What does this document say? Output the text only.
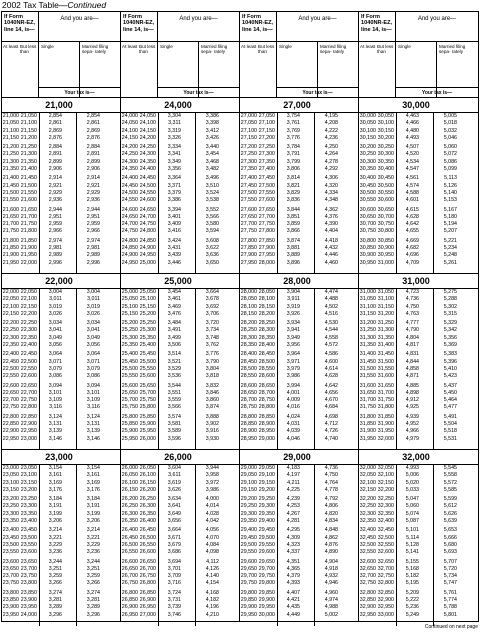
2002 Tax Table—Continued
If Form 1040NR-EZ, line 14, is—
At least But less than
And you are—
Single	Married filing sepa- rately
Your tax is—
21,000
21,000 21,050	2,854	2,854
21,050 21,100	2,861	2,861
21,100 21,150	2,869	2,869
21,150 21,200	2,876	2,876
21,200 21,250	2,884	2,884
21,250 21,300	2,891	2,891
21,300 21,350	2,899	2,899
21,350 21,400	2,906	2,906
21,400 21,450	2,914	2,914
21,450 21,500	2,921	2,921
21,500 21,550	2,929	2,929
21,550 21,600	2,936	2,936
21,600 21,650	2,944	2,944
21,650 21,700	2,951	2,951
21,700 21,750	2,959	2,959
21,750 21,800	2,966	2,966
21,800 21,850	2,974	2,974
21,850 21,900	2,981	2,981
21,900 21,950	2,989	2,989
21,950 22,000	2,996	2,996
22,000
22,000 22,050	3,004	3,004
22,050 22,100	3,011	3,011
22,100 22,150	3,019	3,019
22,150 22,200	3,026	3,026
22,200 22,250	3,034	3,034
22,250 22,300	3,041	3,041
22,300 22,350	3,049	3,049
22,350 22,400	3,056	3,056
22,400 22,450	3,064	3,064
22,450 22,500	3,071	3,071
22,500 22,550	3,079	3,079
22,550 22,600	3,086	3,086
22,600 22,650	3,094	3,094
22,650 22,700	3,101	3,101
22,700 22,750	3,109	3,109
22,750 22,800	3,116	3,116
22,800 22,850	3,124	3,124
22,850 22,900	3,131	3,131
22,900 22,950	3,139	3,139
22,950 23,000	3,146	3,146
23,000
23,000 23,050	3,154	3,154
23,050 23,100	3,161	3,161
23,100 23,150	3,169	3,169
23,150 23,200	3,176	3,176
23,200 23,250	3,184	3,184
23,250 23,300	3,191	3,191
23,300 23,350	3,199	3,199
23,350 23,400	3,206	3,206
23,400 23,450	3,214	3,214
23,450 23,500	3,221	3,221
23,500 23,550	3,229	3,229
23,550 23,600	3,236	3,236
23,600 23,650	3,244	3,244
23,650 23,700	3,251	3,251
23,700 23,750	3,259	3,259
23,750 23,800	3,266	3,266
23,800 23,850	3,274	3,274
23,850 23,900	3,281	3,281
23,900 23,950	3,289	3,289
23,950 24,000	3,296	3,296
If Form 1040NR-EZ, line 14, is—
At least But less than
And you are—
Single	Married filing sepa- rately
Your tax is—
24,000
24,000 24,050	3,304	3,386
24,050 24,100	3,311	3,398
24,100 24,150	3,319	3,412
24,150 24,200	3,326	3,426
24,200 24,250	3,334	3,440
24,250 24,300	3,341	3,454
24,300 24,350	3,349	3,468
24,350 24,400	3,356	3,482
24,400 24,450	3,364	3,496
24,450 24,500	3,371	3,510
24,500 24,550	3,379	3,524
24,550 24,600	3,386	3,538
24,600 24,650	3,394	3,552
24,650 24,700	3,401	3,566
24,700 24,750	3,409	3,580
24,750 24,800	3,416	3,594
24,800 24,850	3,424	3,608
24,850 24,900	3,431	3,622
24,900 24,950	3,439	3,636
24,950 25,000	3,446	3,650
25,000
25,000 25,050	3,454	3,664
25,050 25,100	3,461	3,678
25,100 25,150	3,469	3,692
25,150 25,200	3,476	3,706
25,200 25,250	3,484	3,720
25,250 25,300	3,491	3,734
25,300 25,350	3,499	3,748
25,350 25,400	3,506	3,762
25,400 25,450	3,514	3,776
25,450 25,500	3,521	3,790
25,500 25,550	3,529	3,804
25,550 25,600	3,536	3,818
25,600 25,650	3,544	3,832
25,650 25,700	3,551	3,846
25,700 25,750	3,559	3,860
25,750 25,800	3,566	3,874
25,800 25,850	3,574	3,888
25,850 25,900	3,581	3,902
25,900 25,950	3,589	3,916
25,950 26,000	3,596	3,930
26,000
26,000 26,050	3,604	3,944
26,050 26,100	3,611	3,958
26,100 26,150	3,619	3,972
26,150 26,200	3,626	3,986
26,200 26,250	3,634	4,000
26,250 26,300	3,641	4,014
26,300 26,350	3,649	4,028
26,350 26,400	3,656	4,042
26,400 26,450	3,664	4,056
26,450 26,500	3,671	4,070
26,500 26,550	3,679	4,084
26,550 26,600	3,686	4,098
26,600 26,650	3,694	4,112
26,650 26,700	3,701	4,126
26,700 26,750	3,709	4,140
26,750 26,800	3,716	4,154
26,800 26,850	3,724	4,168
26,850 26,900	3,731	4,182
26,900 26,950	3,739	4,196
26,950 27,000	3,746	4,210
If Form 1040NR-EZ, line 14, is—
At least But less than
And you are—
Single	Married filing sepa- rately
Your tax is—
27,000
27,000 27,050	3,754	4,195
27,050 27,100	3,761	4,208
27,100 27,150	3,769	4,222
27,150 27,200	3,776	4,236
27,200 27,250	3,784	4,250
27,250 27,300	3,791	4,264
27,300 27,350	3,799	4,278
27,350 27,400	3,806	4,292
27,400 27,450	3,814	4,306
27,450 27,500	3,821	4,320
27,500 27,550	3,829	4,334
27,550 27,600	3,836	4,348
27,600 27,650	3,844	4,362
27,650 27,700	3,851	4,376
27,700 27,750	3,859	4,390
27,750 27,800	3,866	4,404
27,800 27,850	3,874	4,418
27,850 27,900	3,881	4,432
27,900 27,950	3,889	4,446
27,950 28,000	3,896	4,460
28,000
28,000 28,050	3,904	4,474
28,050 28,100	3,911	4,488
28,100 28,150	3,919	4,502
28,150 28,200	3,926	4,516
28,200 28,250	3,934	4,530
28,250 28,300	3,941	4,544
28,300 28,350	3,949	4,558
28,350 28,400	3,956	4,572
28,400 28,450	3,964	4,586
28,450 28,500	3,971	4,600
28,500 28,550	3,979	4,614
28,550 28,600	3,986	4,628
28,600 28,650	3,994	4,642
28,650 28,700	4,001	4,656
28,700 28,750	4,009	4,670
28,750 28,800	4,016	4,684
28,800 28,850	4,024	4,698
28,850 28,900	4,031	4,712
28,900 28,950	4,039	4,726
28,950 29,000	4,046	4,740
29,000
29,000 29,050	4,183	4,736
29,050 29,100	4,197	4,750
29,100 29,150	4,211	4,764
29,150 29,200	4,225	4,778
29,200 29,250	4,239	4,792
29,250 29,300	4,253	4,806
29,300 29,350	4,267	4,820
29,350 29,400	4,281	4,834
29,400 29,450	4,295	4,848
29,450 29,500	4,309	4,862
29,500 29,550	4,323	4,876
29,550 29,600	4,337	4,890
29,600 29,650	4,351	4,904
29,650 29,700	4,365	4,918
29,700 29,750	4,379	4,932
29,750 29,800	4,393	4,946
29,800 29,850	4,407	4,960
29,850 29,900	4,421	4,974
29,900 29,950	4,435	4,988
29,950 30,000	4,449	5,002
If Form 1040NR-EZ, line 14, is—
At least But less than
And you are—
Single	Married filing sepa- rately
Your tax is—
30,000
30,000 30,050	4,463	5,005
30,050 30,100	4,466	5,018
30,100 30,150	4,480	5,032
30,150 30,200	4,493	5,046
30,200 30,250	4,507	5,060
30,250 30,300	4,520	5,072
30,300 30,350	4,534	5,086
30,350 30,400	4,547	5,099
30,400 30,450	4,561	5,113
30,450 30,500	4,574	5,126
30,500 30,550	4,588	5,140
30,550 30,600	4,601	5,153
30,600 30,650	4,615	5,167
30,650 30,700	4,628	5,180
30,700 30,750	4,642	5,194
30,750 30,800	4,655	5,207
30,800 30,850	4,669	5,221
30,850 30,900	4,682	5,234
30,900 30,950	4,696	5,248
30,950 31,000	4,709	5,261
31,000
31,000 31,050	4,723	5,275
31,050 31,100	4,736	5,288
31,100 31,150	4,750	5,302
31,150 31,200	4,763	5,315
31,200 31,250	4,777	5,329
31,250 31,300	4,790	5,342
31,300 31,350	4,804	5,356
31,350 31,400	4,817	5,369
31,400 31,450	4,831	5,383
31,450 31,500	4,844	5,396
31,500 31,550	4,858	5,410
31,550 31,600	4,871	5,423
31,600 31,650	4,885	5,437
31,650 31,700	4,898	5,450
31,700 31,750	4,912	5,464
31,750 31,800	4,925	5,477
31,800 31,850	4,939	5,491
31,850 31,900	4,952	5,504
31,900 31,950	4,966	5,518
31,950 32,000	4,979	5,531
32,000
32,000 32,050	4,993	5,545
32,050 32,100	5,006	5,558
32,100 32,150	5,020	5,572
32,150 32,200	5,033	5,585
32,200 32,250	5,047	5,599
32,250 32,300	5,060	5,612
32,300 32,350	5,074	5,626
32,350 32,400	5,087	5,639
32,400 32,450	5,101	5,653
32,450 32,500	5,114	5,666
32,500 32,550	5,128	5,680
32,550 32,600	5,141	5,693
32,600 32,650	5,155	5,707
32,650 32,700	5,168	5,720
32,700 32,750	5,182	5,734
32,750 32,800	5,195	5,747
32,800 32,850	5,209	5,761
32,850 32,900	5,222	5,774
32,900 32,950	5,236	5,788
32,950 33,000	5,249	5,801
Continued on next page
